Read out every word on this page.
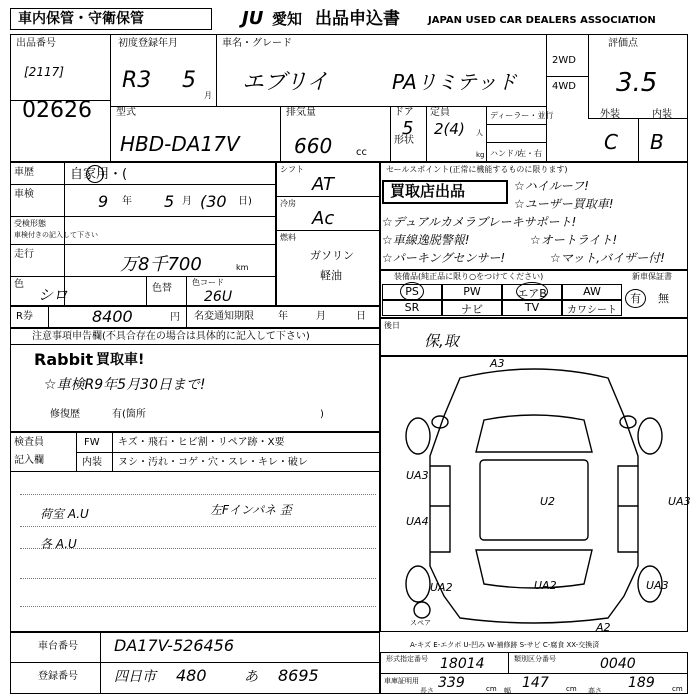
車内保管・守衛保管	JU 愛知 出品申込書	JAPAN USED CAR DEALERS ASSOCIATION
出品番号
[2117]
02626
初度登録年月
R3 5
月
車名・グレード
エブリイ	PAリミテッド
2WD
4WD
評価点
3.5
外装	内装
C B
型式
HBD-DA17V
排気量
660 cc
ドア
5
定員
2(4) 人
形状
kg
ディーラー・並行
ハンドル
左・右
車歴	自家用・(
車検	9 年 5 月 (30 日)
受検形態
車検付きの記入して下さい
走行	万8千700	km
色
シロ	色替
色コード
26U
シフト
AT
冷房
Ac
燃料
ガソリン
軽油
セールスポイント(正常に機能するものに限ります)
買取店出品	☆ハイルーフ!
☆ユーザー買取車!
☆デュアルカメラブレーキサポート!
☆車線逸脱警報!	☆オートライト!
☆パーキングセンサー!	☆マット,バイザー付!
装備品(純正品に限り○をつけてください)
PS	PW	エアB	AW
SR	ナビ	TV	カワシート
新車保証書
有 無
R券	8400	円 名変通知期限 年	月	日
後日
保,取
注意事項申告欄(不具合存在の場合は具体的に記入して下さい)
Rabbit 買取車!
☆車検R9年5月30日まで!
修復歴	有(箇所	)
検査員
記入欄
FW キズ・飛石・ヒビ割・リペア跡・X要
内装 ヌシ・汚れ・コゲ・穴・スレ・キレ・破レ
荷室 A.U	左Fインパネ 歪
各 A.U
A3
UA3
UA4
U2	UA3
UA2	UA2	UA3
A2
スペア
A-キズ E-エクボ U-凹み W-補修跡 S-サビ C-腐食 XX-交換済
車台番号 DA17V-526456
登録番号	四日市 480	あ 8695
形式指定番号 18014	類別区分番号	0040
車庫証明用
長さ 339	cm 幅 147 cm 高さ 189 cm
